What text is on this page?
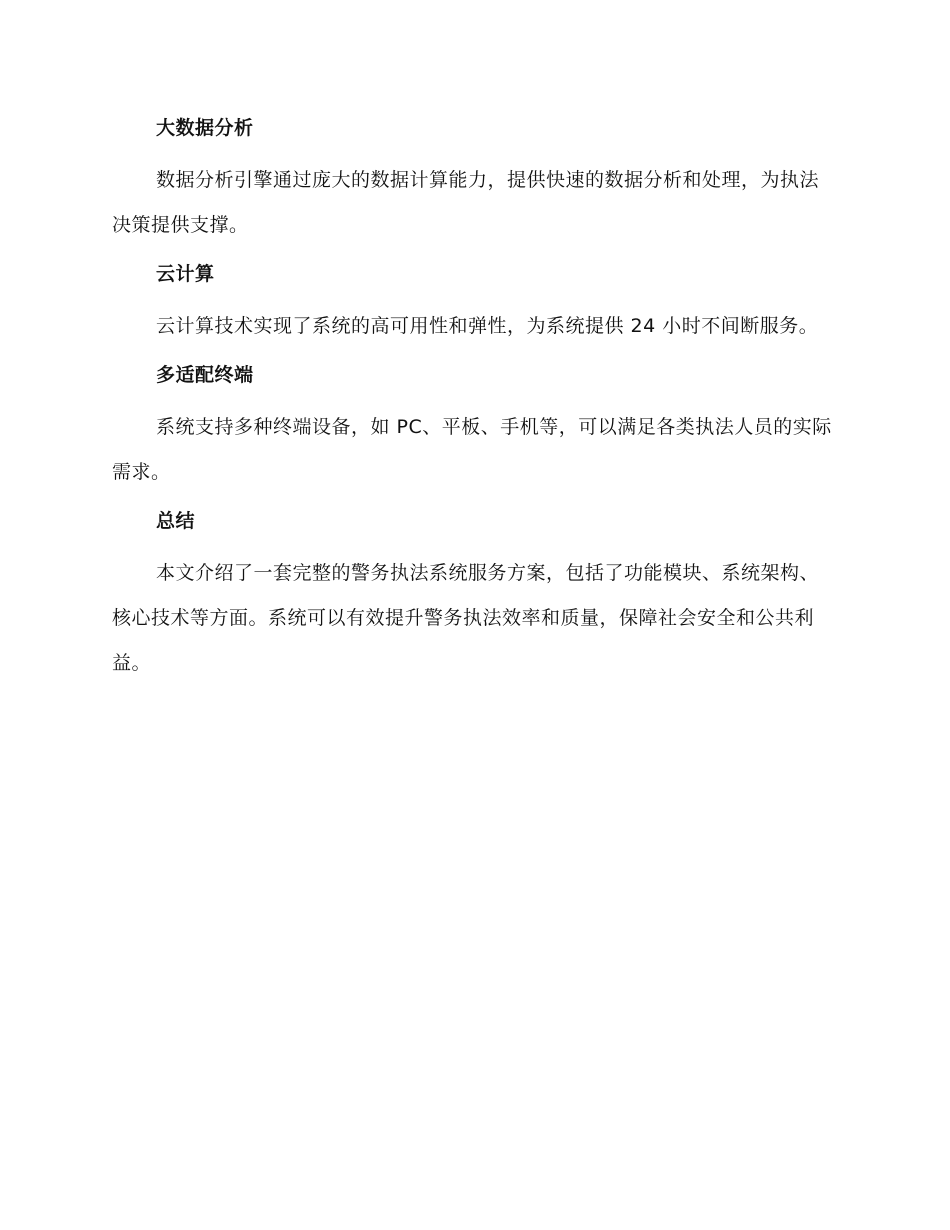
大数据分析

数据分析引擎通过庞大的数据计算能力，提供快速的数据分析和处理，为执法决策提供支撑。

云计算

云计算技术实现了系统的高可用性和弹性，为系统提供 24 小时不间断服务。

多适配终端

系统支持多种终端设备，如 PC、平板、手机等，可以满足各类执法人员的实际需求。

总结

本文介绍了一套完整的警务执法系统服务方案，包括了功能模块、系统架构、核心技术等方面。系统可以有效提升警务执法效率和质量，保障社会安全和公共利益。
